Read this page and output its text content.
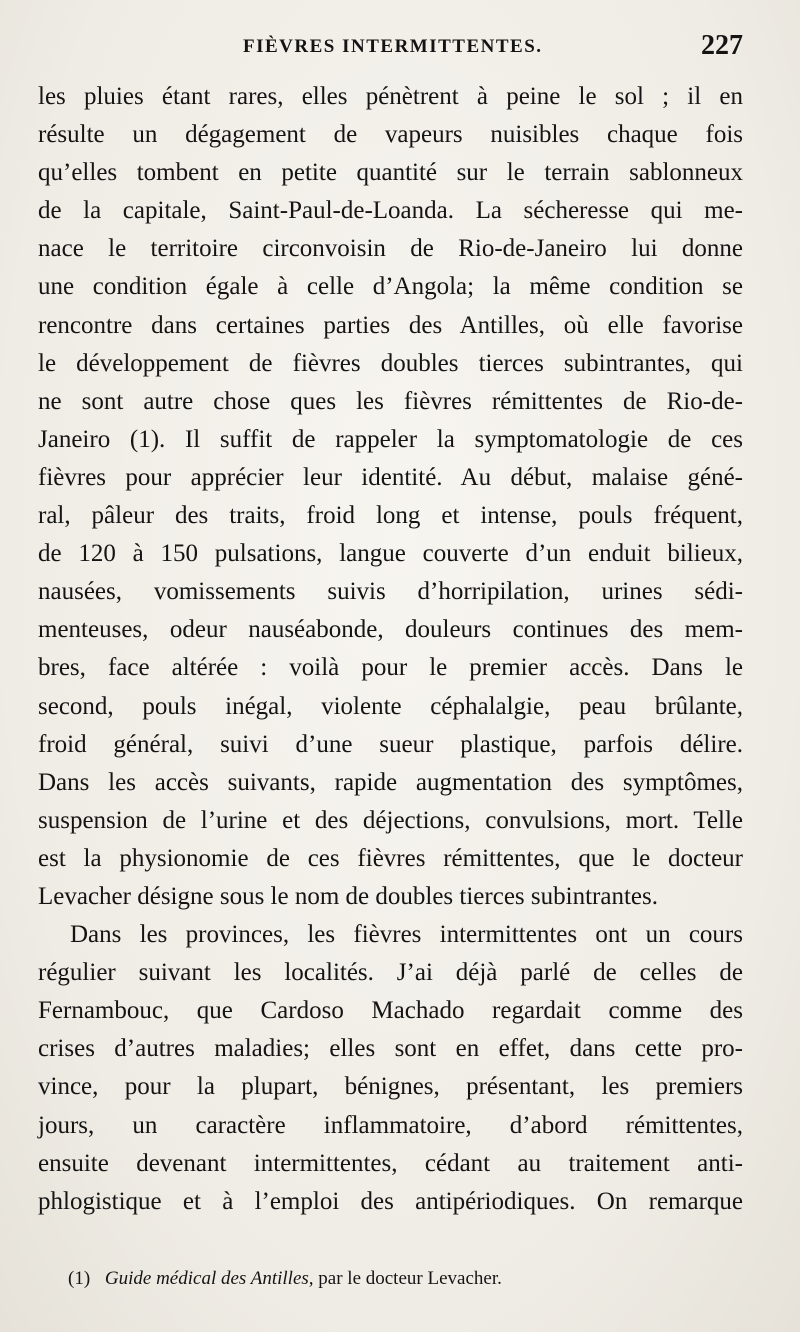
FIÈVRES INTERMITTENTES.	227
les pluies étant rares, elles pénètrent à peine le sol ; il en
résulte un dégagement de vapeurs nuisibles chaque fois
qu’elles tombent en petite quantité sur le terrain sablonneux
de la capitale, Saint-Paul-de-Loanda. La sécheresse qui me-
nace le territoire circonvoisin de Rio-de-Janeiro lui donne
une condition égale à celle d’Angola; la même condition se
rencontre dans certaines parties des Antilles, où elle favorise
le développement de fièvres doubles tierces subintrantes, qui
ne sont autre chose ques les fièvres rémittentes de Rio-de-
Janeiro (1). Il suffit de rappeler la symptomatologie de ces
fièvres pour apprécier leur identité. Au début, malaise géné-
ral, pâleur des traits, froid long et intense, pouls fréquent,
de 120 à 150 pulsations, langue couverte d’un enduit bilieux,
nausées, vomissements suivis d’horripilation, urines sédi-
menteuses, odeur nauséabonde, douleurs continues des mem-
bres, face altérée : voilà pour le premier accès. Dans le
second, pouls inégal, violente céphalalgie, peau brûlante,
froid général, suivi d’une sueur plastique, parfois délire.
Dans les accès suivants, rapide augmentation des symptômes,
suspension de l’urine et des déjections, convulsions, mort. Telle
est la physionomie de ces fièvres rémittentes, que le docteur
Levacher désigne sous le nom de doubles tierces subintrantes.
Dans les provinces, les fièvres intermittentes ont un cours
régulier suivant les localités. J’ai déjà parlé de celles de
Fernambouc, que Cardoso Machado regardait comme des
crises d’autres maladies; elles sont en effet, dans cette pro-
vince, pour la plupart, bénignes, présentant, les premiers
jours, un caractère inflammatoire, d’abord rémittentes,
ensuite devenant intermittentes, cédant au traitement anti-
phlogistique et à l’emploi des antipériodiques. On remarque
(1) Guide médical des Antilles, par le docteur Levacher.
